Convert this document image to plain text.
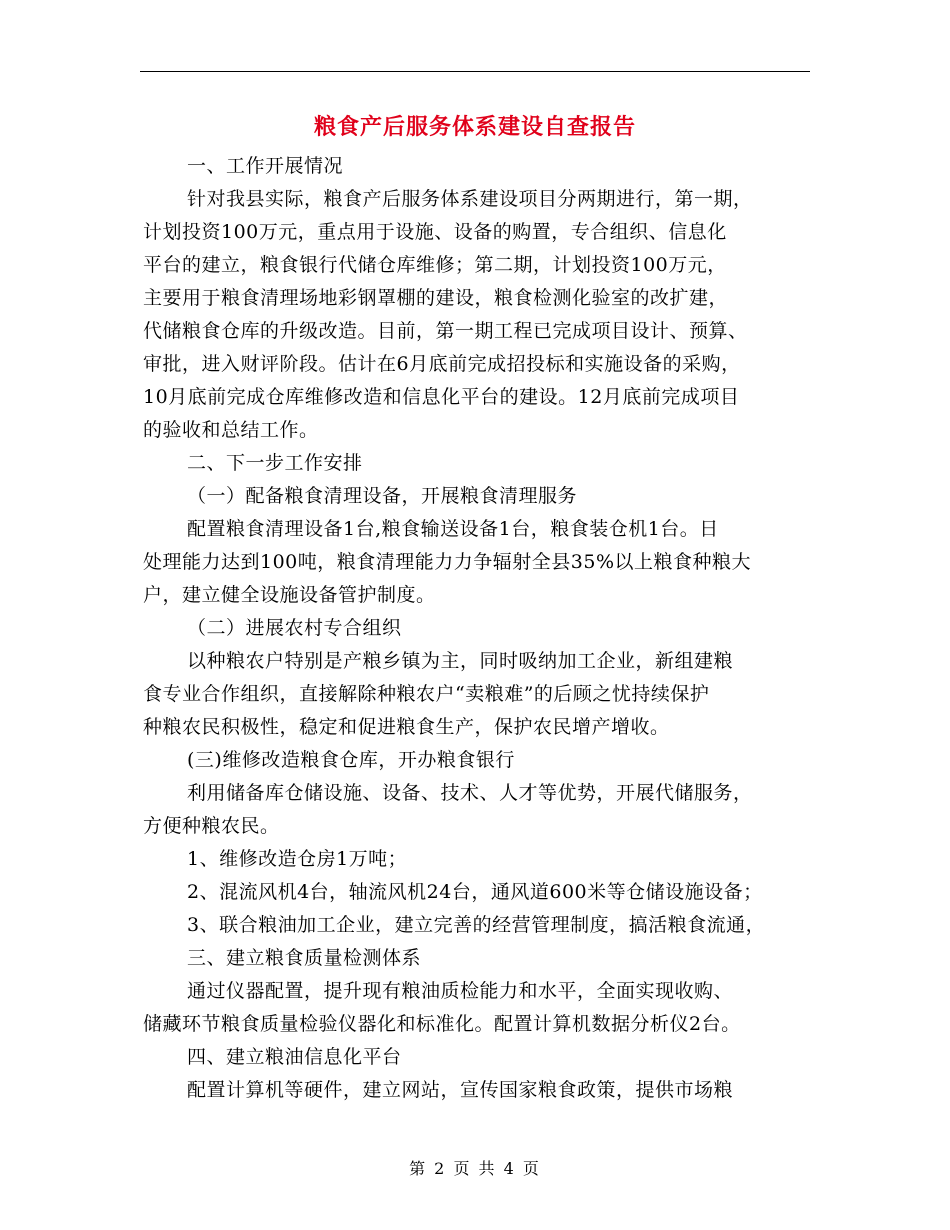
粮食产后服务体系建设自查报告

一、工作开展情况

针对我县实际，粮食产后服务体系建设项目分两期进行，第一期，

计划投资100万元，重点用于设施、设备的购置，专合组织、信息化
平台的建立，粮食银行代储仓库维修；第二期，计划投资100万元，
主要用于粮食清理场地彩钢罩棚的建设，粮食检测化验室的改扩建，
代储粮食仓库的升级改造。目前，第一期工程已完成项目设计、预算、
审批，进入财评阶段。估计在6月底前完成招投标和实施设备的采购，
10月底前完成仓库维修改造和信息化平台的建设。12月底前完成项目
的验收和总结工作。

二、下一步工作安排

（一）配备粮食清理设备，开展粮食清理服务

配置粮食清理设备1台,粮食输送设备1台，粮食装仓机1台。日

处理能力达到100吨，粮食清理能力力争辐射全县35%以上粮食种粮大
户，建立健全设施设备管护制度。

（二）进展农村专合组织

以种粮农户特别是产粮乡镇为主，同时吸纳加工企业，新组建粮

食专业合作组织，直接解除种粮农户“卖粮难”的后顾之忧持续保护
种粮农民积极性，稳定和促进粮食生产，保护农民增产增收。

(三)维修改造粮食仓库，开办粮食银行

利用储备库仓储设施、设备、技术、人才等优势，开展代储服务，

方便种粮农民。

1、维修改造仓房1万吨；

2、混流风机4台，轴流风机24台，通风道600米等仓储设施设备；

3、联合粮油加工企业，建立完善的经营管理制度，搞活粮食流通，

三、建立粮食质量检测体系

通过仪器配置，提升现有粮油质检能力和水平，全面实现收购、

储藏环节粮食质量检验仪器化和标准化。配置计算机数据分析仪2台。

四、建立粮油信息化平台

配置计算机等硬件，建立网站，宣传国家粮食政策，提供市场粮

第 2 页 共 4 页
